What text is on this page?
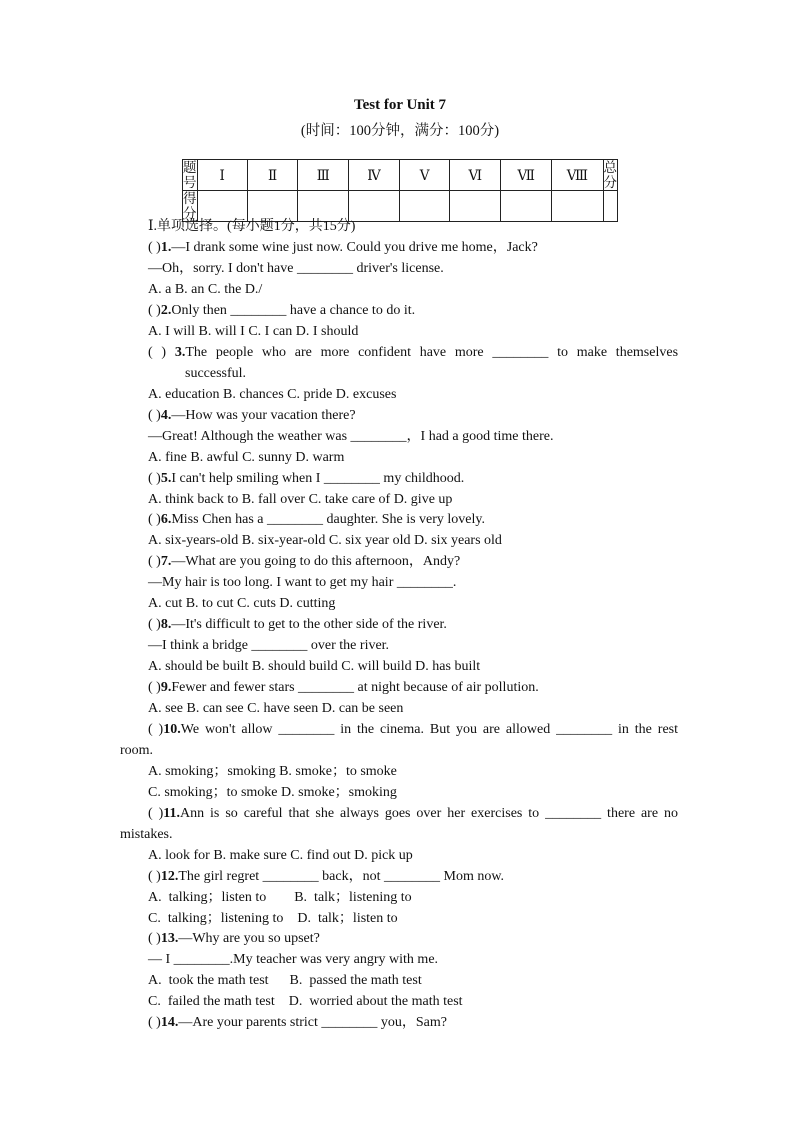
Test for Unit 7
(时间：100分钟，满分：100分)
题号	Ⅰ	Ⅱ	Ⅲ	Ⅳ	Ⅴ	Ⅵ	Ⅶ	Ⅷ	总分
得分									
Ⅰ.单项选择。(每小题1分，共15分)
( )1.—I drank some wine just now. Could you drive me home，Jack?
—Oh，sorry. I don't have ________ driver's license.
A. a B. an C. the D./
( )2.Only then ________ have a chance to do it.
A. I will B. will I C. I can D. I should
( ) 3.The people who are more confident have more ________ to make themselves
successful.
A. education B. chances C. pride D. excuses
( )4.—How was your vacation there?
—Great! Although the weather was ________，I had a good time there.
A. fine B. awful C. sunny D. warm
( )5.I can't help smiling when I ________ my childhood.
A. think back to B. fall over C. take care of D. give up
( )6.Miss Chen has a ________ daughter. She is very lovely.
A. six-years-old B. six-year-old C. six year old D. six years old
( )7.—What are you going to do this afternoon，Andy?
—My hair is too long. I want to get my hair ________.
A. cut B. to cut C. cuts D. cutting
( )8.—It's difficult to get to the other side of the river.
—I think a bridge ________ over the river.
A. should be built B. should build C. will build D. has built
( )9.Fewer and fewer stars ________ at night because of air pollution.
A. see B. can see C. have seen D. can be seen
( )10.We won't allow ________ in the cinema. But you are allowed ________ in the rest
room.
A. smoking；smoking B. smoke；to smoke
C. smoking；to smoke D. smoke；smoking
( )11.Ann is so careful that she always goes over her exercises to ________ there are no
mistakes.
A. look for B. make sure C. find out D. pick up
( )12.The girl regret ________ back，not ________ Mom now.
A.  talking；listen to        B.  talk；listening to
C.  talking；listening to    D.  talk；listen to
( )13.—Why are you so upset?
— I ________.My teacher was very angry with me.
A.  took the math test      B.  passed the math test
C.  failed the math test    D.  worried about the math test
( )14.—Are your parents strict ________ you，Sam?
